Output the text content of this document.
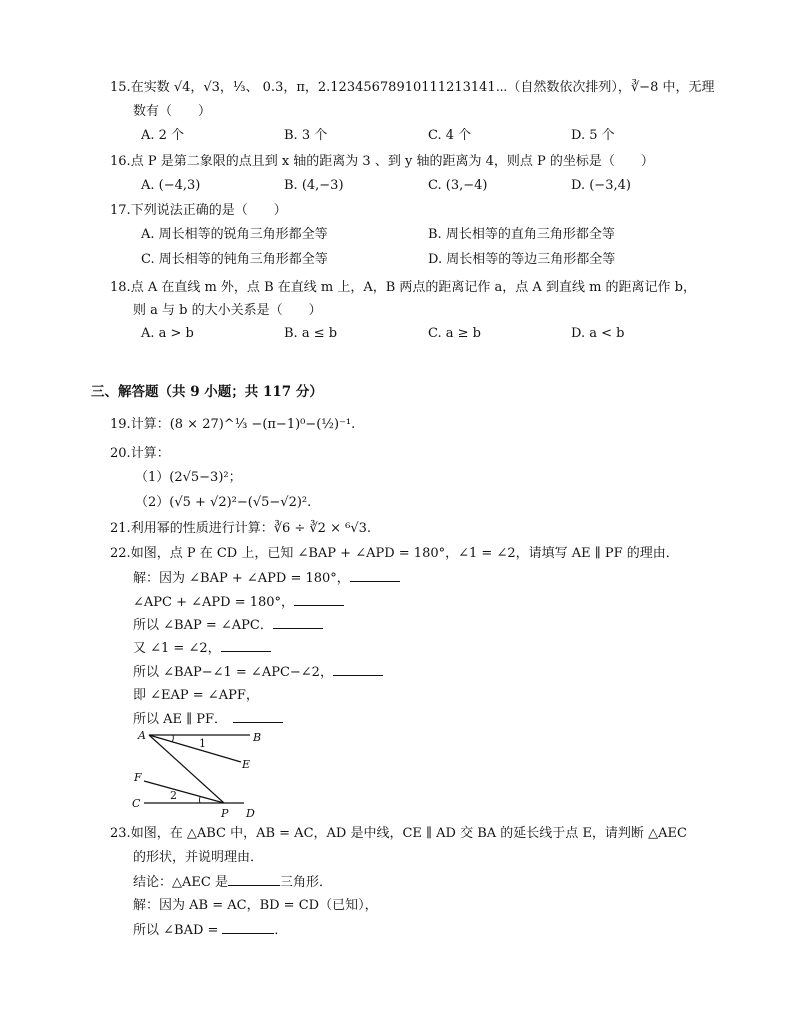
15.在实数 √4，√3，⅓、 0.3，π，2.12345678910111213141⋯（自然数依次排列），∛−8 中，无理
数有（　　）
A. 2 个	B. 3 个	C. 4 个	D. 5 个
16.点 P 是第二象限的点且到 x 轴的距离为 3 、到 y 轴的距离为 4，则点 P 的坐标是（　　）
A. (−4,3)	B. (4,−3)	C. (3,−4)	D. (−3,4)
17.下列说法正确的是（　　）
A. 周长相等的锐角三角形都全等	B. 周长相等的直角三角形都全等
C. 周长相等的钝角三角形都全等	D. 周长相等的等边三角形都全等
18.点 A 在直线 m 外，点 B 在直线 m 上，A，B 两点的距离记作 a，点 A 到直线 m 的距离记作 b，
则 a 与 b 的大小关系是（　　）
A. a > b	B. a ≤ b	C. a ≥ b	D. a < b
三、解答题（共 9 小题；共 117 分）
19.计算：(8 × 27)^⅓ −(π−1)⁰−(½)⁻¹.
20.计算：
（1）(2√5−3)²；
（2）(√5 + √2)²−(√5−√2)².
21.利用幂的性质进行计算：∛6 ÷ ∛2 × ⁶√3.
22.如图，点 P 在 CD 上，已知 ∠BAP + ∠APD = 180°，∠1 = ∠2，请填写 AE ∥ PF 的理由．
解：因为 ∠BAP + ∠APD = 180°，
∠APC + ∠APD = 180°，
所以 ∠BAP = ∠APC．
又 ∠1 = ∠2，
所以 ∠BAP−∠1 = ∠APC−∠2，
即 ∠EAP = ∠APF，
所以 AE ∥ PF．
A	B
E
F
C
P D
1
2
23.如图，在 △ABC 中，AB = AC，AD 是中线，CE ∥ AD 交 BA 的延长线于点 E，请判断 △AEC
的形状，并说明理由．
结论：△AEC 是	三角形．
解：因为 AB = AC，BD = CD（已知），
所以 ∠BAD =	．
